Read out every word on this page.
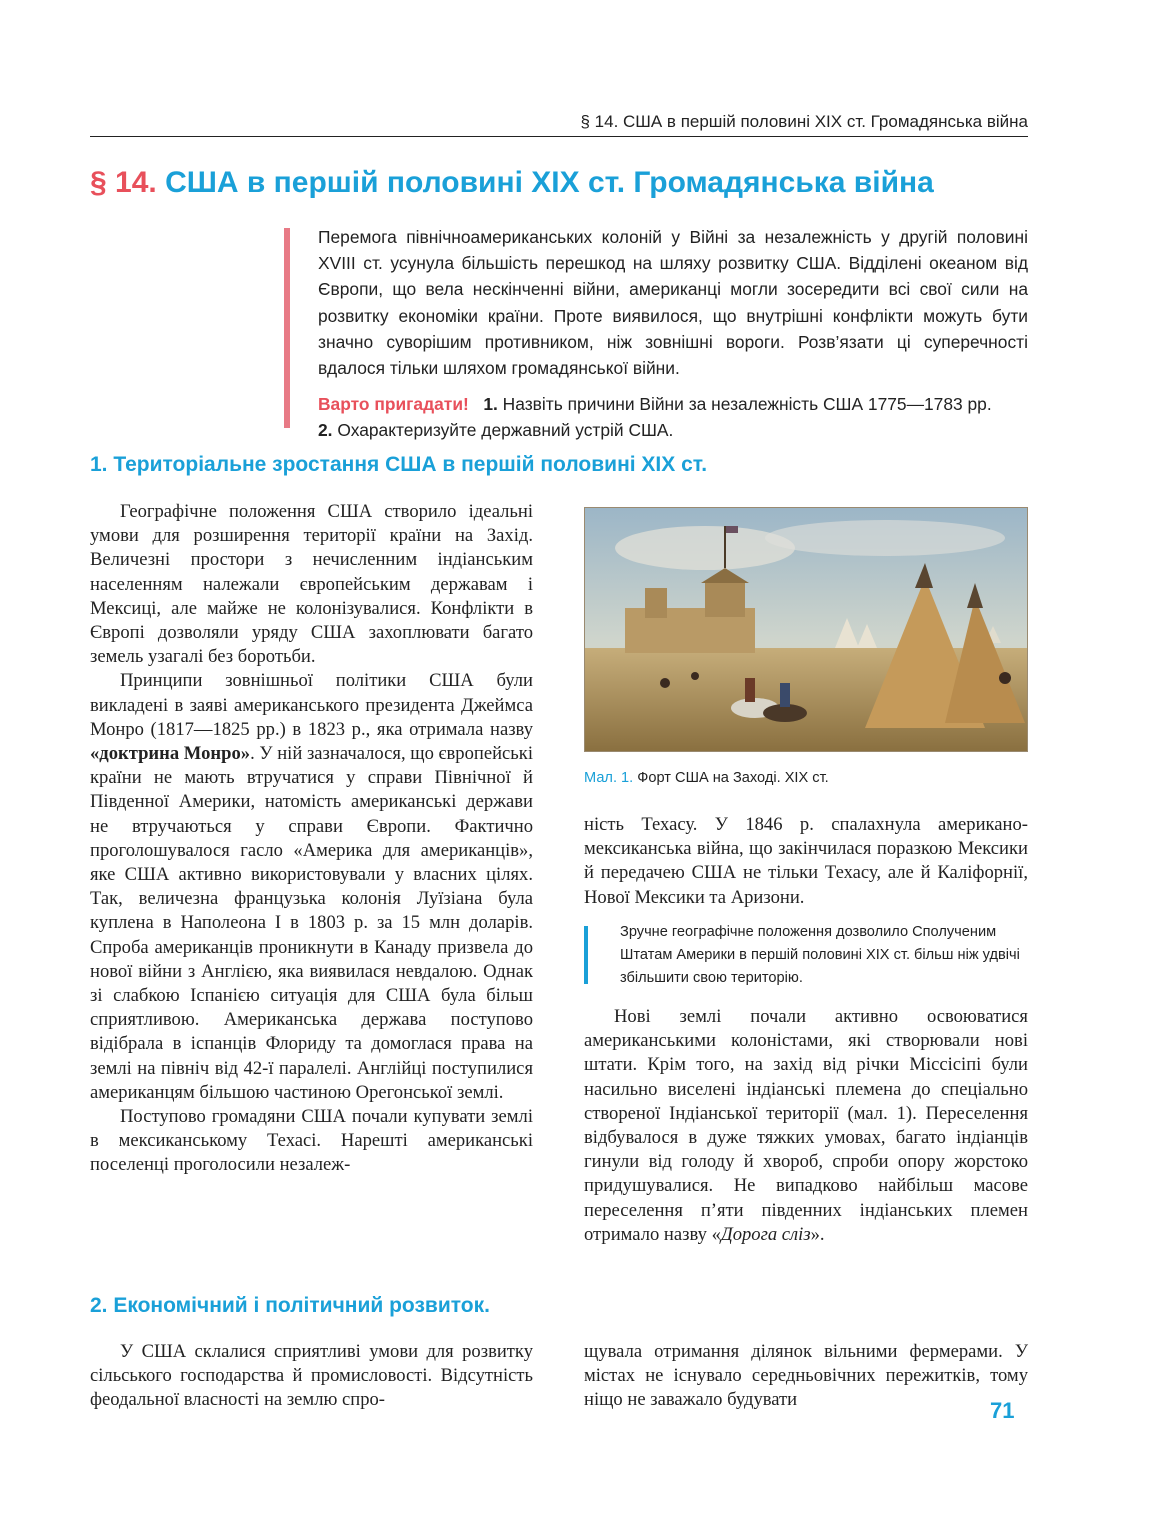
§ 14. США в першій половині XIX ст. Громадянська війна
§ 14. США в першій половині XIX ст. Громадянська війна

Перемога північноамериканських колоній у Війні за незалежність у другій половині XVIII ст. усунула більшість перешкод на шляху розвитку США. Відділені океаном від Європи, що вела нескінченні війни, американці могли зосередити всі свої сили на розвитку економіки країни. Проте виявилося, що внутрішні конфлікти можуть бути значно суворішим противником, ніж зовнішні вороги. Розв’язати ці суперечності вдалося тільки шляхом громадянської війни.

Варто пригадати! 1. Назвіть причини Війни за незалежність США 1775—1783 рр.
2. Охарактеризуйте державний устрій США.

1. Територіальне зростання США в першій половині XIX ст.

Географічне положення США створило ідеальні умови для розширення території країни на Захід. Величезні простори з нечисленним індіанським населенням належали європейським державам і Мексиці, але майже не колонізувалися. Конфлікти в Європі дозволяли уряду США захоплювати багато земель узагалі без боротьби.

Принципи зовнішньої політики США були викладені в заяві американського президента Джеймса Монро (1817—1825 рр.) в 1823 р., яка отримала назву «доктрина Монро». У ній зазначалося, що європейські країни не мають втручатися у справи Північної й Південної Америки, натомість американські держави не втручаються у справи Європи. Фактично проголошувалося гасло «Америка для американців», яке США активно використовували у власних цілях. Так, величезна французька колонія Луїзіана була куплена в Наполеона І в 1803 р. за 15 млн доларів. Спроба американців проникнути в Канаду призвела до нової війни з Англією, яка виявилася невдалою. Однак зі слабкою Іспанією ситуація для США була більш сприятливою. Американська держава поступово відібрала в іспанців Флориду та домоглася права на землі на північ від 42-ї паралелі. Англійці поступилися американцям більшою частиною Орегонської землі.

Поступово громадяни США почали купувати землі в мексиканському Техасі. Нарешті американські поселенці проголосили незалеж-

Мал. 1. Форт США на Заході. XIX ст.

ність Техасу. У 1846 р. спалахнула американо-мексиканська війна, що закінчилася поразкою Мексики й передачею США не тільки Техасу, але й Каліфорнії, Нової Мексики та Аризони.

Зручне географічне положення дозволило Сполученим Штатам Америки в першій половині XIX ст. більш ніж удвічі збільшити свою територію.

Нові землі почали активно освоюватися американськими колоністами, які створювали нові штати. Крім того, на захід від річки Міссісіпі були насильно виселені індіанські племена до спеціально створеної Індіанської території (мал. 1). Переселення відбувалося в дуже тяжких умовах, багато індіанців гинули від голоду й хвороб, спроби опору жорстоко придушувалися. Не випадково найбільш масове переселення п’яти південних індіанських племен отримало назву «Дорога сліз».

2. Економічний і політичний розвиток.

У США склалися сприятливі умови для розвитку сільського господарства й промисловості. Відсутність феодальної власності на землю спро-

щувала отримання ділянок вільними фермерами. У містах не існувало середньовічних пережитків, тому ніщо не заважало будувати	71
